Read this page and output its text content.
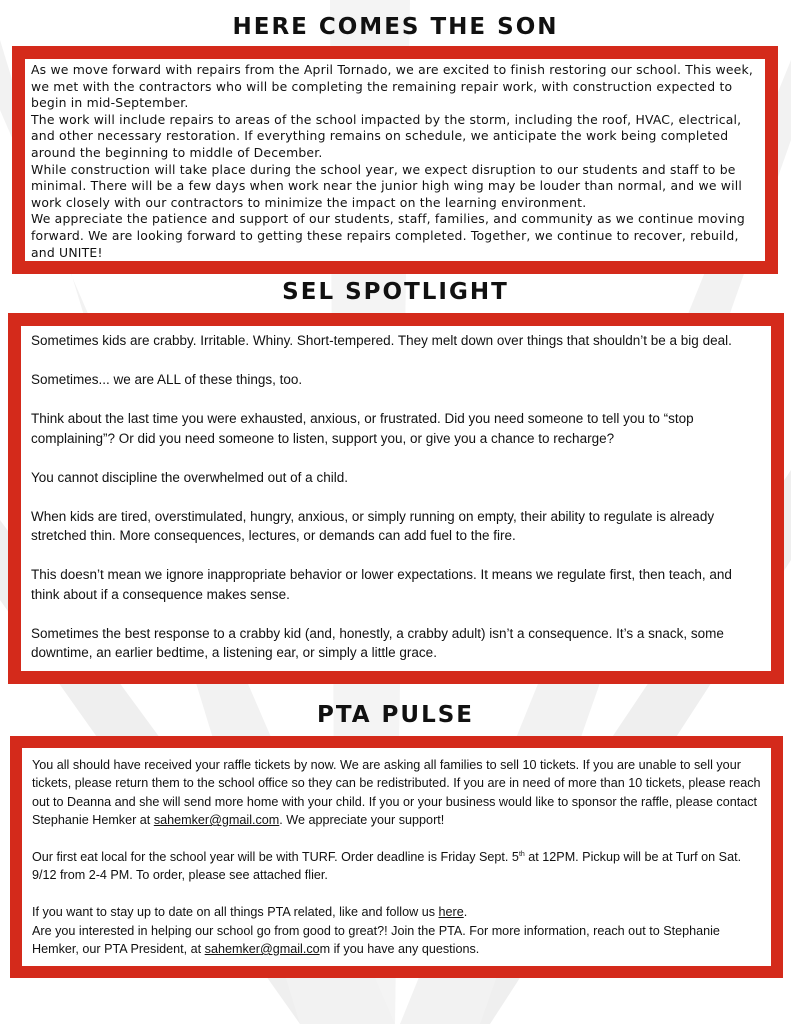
HERE COMES THE SON

As we move forward with repairs from the April Tornado, we are excited to finish restoring our school. This week, we met with the contractors who will be completing the remaining repair work, with construction expected to begin in mid-September.

The work will include repairs to areas of the school impacted by the storm, including the roof, HVAC, electrical, and other necessary restoration. If everything remains on schedule, we anticipate the work being completed around the beginning to middle of December.

While construction will take place during the school year, we expect disruption to our students and staff to be minimal. There will be a few days when work near the junior high wing may be louder than normal, and we will work closely with our contractors to minimize the impact on the learning environment.

We appreciate the patience and support of our students, staff, families, and community as we continue moving forward. We are looking forward to getting these repairs completed. Together, we continue to recover, rebuild, and UNITE!

SEL SPOTLIGHT

Sometimes kids are crabby. Irritable. Whiny. Short-tempered. They melt down over things that shouldn’t be a big deal.

Sometimes... we are ALL of these things, too.

Think about the last time you were exhausted, anxious, or frustrated. Did you need someone to tell you to “stop complaining”? Or did you need someone to listen, support you, or give you a chance to recharge?

You cannot discipline the overwhelmed out of a child.

When kids are tired, overstimulated, hungry, anxious, or simply running on empty, their ability to regulate is already stretched thin. More consequences, lectures, or demands can add fuel to the fire.

This doesn’t mean we ignore inappropriate behavior or lower expectations. It means we regulate first, then teach, and think about if a consequence makes sense.

Sometimes the best response to a crabby kid (and, honestly, a crabby adult) isn’t a consequence. It’s a snack, some downtime, an earlier bedtime, a listening ear, or simply a little grace.

PTA PULSE

You all should have received your raffle tickets by now. We are asking all families to sell 10 tickets. If you are unable to sell your tickets, please return them to the school office so they can be redistributed. If you are in need of more than 10 tickets, please reach out to Deanna and she will send more home with your child. If you or your business would like to sponsor the raffle, please contact Stephanie Hemker at sahemker@gmail.com. We appreciate your support!

Our first eat local for the school year will be with TURF. Order deadline is Friday Sept. 5th at 12PM. Pickup will be at Turf on Sat. 9/12 from 2-4 PM. To order, please see attached flier.

If you want to stay up to date on all things PTA related, like and follow us here.

Are you interested in helping our school go from good to great?! Join the PTA. For more information, reach out to Stephanie Hemker, our PTA President, at sahemker@gmail.com if you have any questions.
